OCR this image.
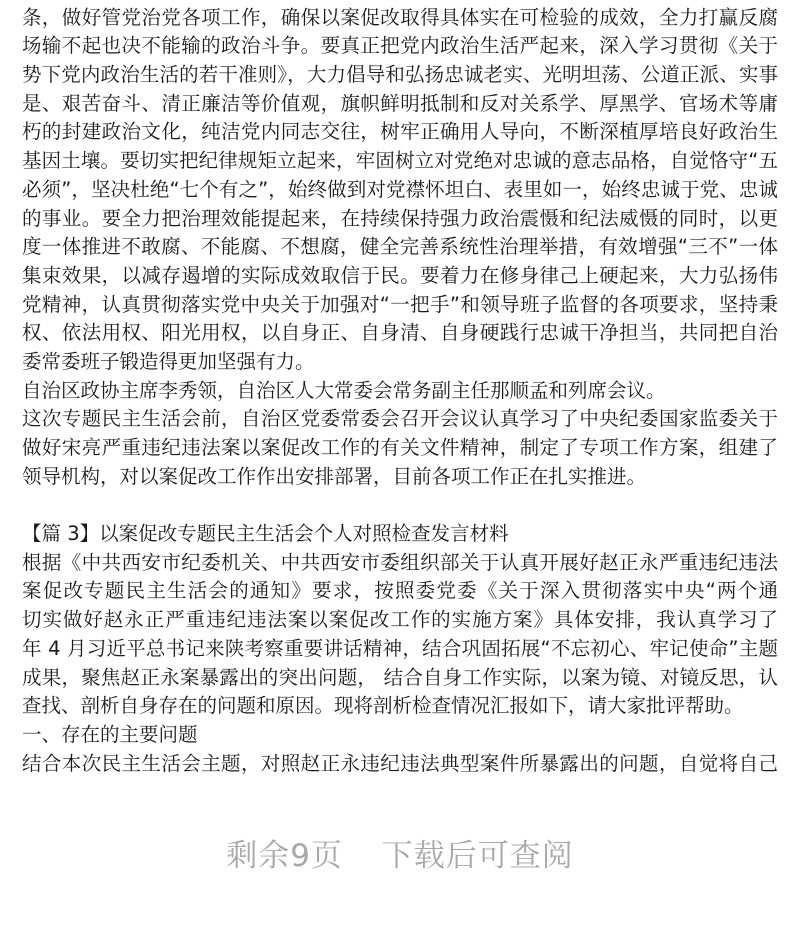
条，做好管党治党各项工作，确保以案促改取得具体实在可检验的成效，全力打赢反腐
场输不起也决不能输的政治斗争。要真正把党内政治生活严起来，深入学习贯彻《关于
势下党内政治生活的若干准则》，大力倡导和弘扬忠诚老实、光明坦荡、公道正派、实事
是、艰苦奋斗、清正廉洁等价值观，旗帜鲜明抵制和反对关系学、厚黑学、官场术等庸
朽的封建政治文化，纯洁党内同志交往，树牢正确用人导向，不断深植厚培良好政治生
基因土壤。要切实把纪律规矩立起来，牢固树立对党绝对忠诚的意志品格，自觉恪守“五
必须”，坚决杜绝“七个有之”，始终做到对党襟怀坦白、表里如一，始终忠诚于党、忠诚
的事业。要全力把治理效能提起来，在持续保持强力政治震慑和纪法威慑的同时，以更
度一体推进不敢腐、不能腐、不想腐，健全完善系统性治理举措，有效增强“三不”一体
集束效果，以减存遏增的实际成效取信于民。要着力在修身律己上硬起来，大力弘扬伟
党精神，认真贯彻落实党中央关于加强对“一把手”和领导班子监督的各项要求，坚持秉
权、依法用权、阳光用权，以自身正、自身清、自身硬践行忠诚干净担当，共同把自治
委常委班子锻造得更加坚强有力。
自治区政协主席李秀领，自治区人大常委会常务副主任那顺孟和列席会议。
这次专题民主生活会前，自治区党委常委会召开会议认真学习了中央纪委国家监委关于
做好宋亮严重违纪违法案以案促改工作的有关文件精神，制定了专项工作方案，组建了
领导机构，对以案促改工作作出安排部署，目前各项工作正在扎实推进。
【篇 3】以案促改专题民主生活会个人对照检查发言材料
根据《中共西安市纪委机关、中共西安市委组织部关于认真开展好赵正永严重违纪违法
案促改专题民主生活会的通知》要求，按照委党委《关于深入贯彻落实中央“两个通
切实做好赵永正严重违纪违法案以案促改工作的实施方案》具体安排，我认真学习了
年 4 月习近平总书记来陕考察重要讲话精神，结合巩固拓展“不忘初心、牢记使命”主题
成果，聚焦赵正永案暴露出的突出问题， 结合自身工作实际，以案为镜、对镜反思，认
查找、剖析自身存在的问题和原因。现将剖析检查情况汇报如下，请大家批评帮助。
一、存在的主要问题
结合本次民主生活会主题，对照赵正永违纪违法典型案件所暴露出的问题，自觉将自己
剩余9页 下载后可查阅
